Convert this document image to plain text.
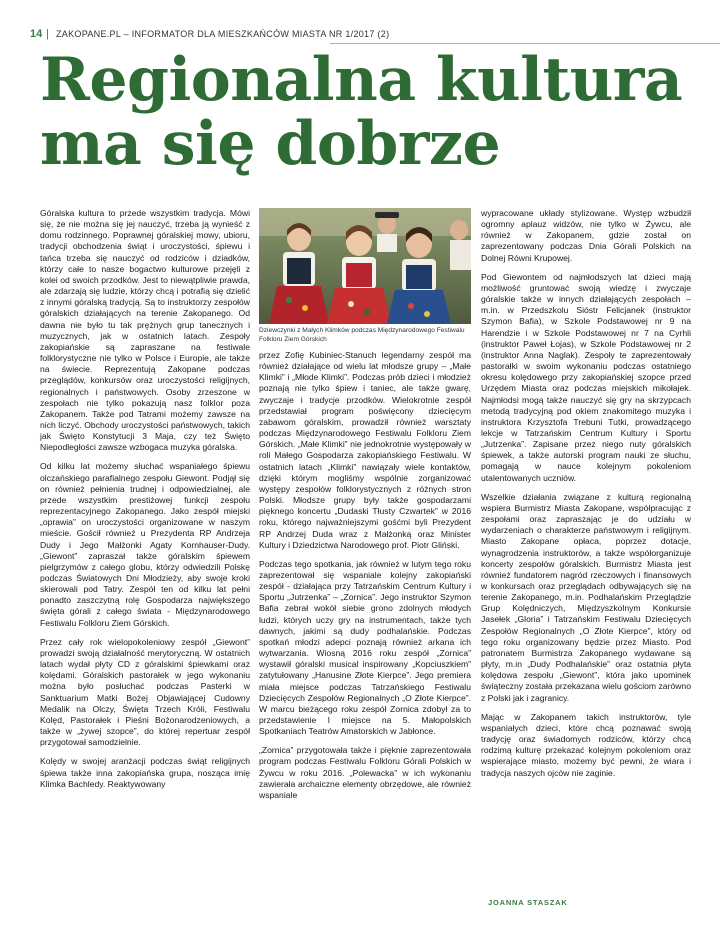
14 | ZAKOPANE.PL – INFORMATOR DLA MIESZKAŃCÓW MIASTA NR 1/2017 (2)
Regionalna kultura
ma się dobrze

Góralska kultura to przede wszystkim tradycja. Mówi się, że nie można się jej nauczyć, trzeba ją wynieść z domu rodzinnego. Poprawnej góralskiej mowy, ubioru, tradycji obchodzenia świąt i uroczystości, śpiewu i tańca trzeba się nauczyć od rodziców i dziadków, którzy całe to nasze bogactwo kulturowe przejęli z kolei od swoich przodków. Jest to niewątpliwie prawda, ale zdarzają się ludzie, którzy chcą i potrafią się dzielić z innymi góralską tradycją. Są to instruktorzy zespołów góralskich działających na terenie Zakopanego. Od dawna nie było tu tak prężnych grup tanecznych i muzycznych, jak w ostatnich latach. Zespoły zakopiańskie są zapraszane na festiwale folklorystyczne nie tylko w Polsce i Europie, ale także na świecie. Reprezentują Zakopane podczas przeglądów, konkursów oraz uroczystości religijnych, regionalnych i państwowych. Osoby zrzeszone w zespołach nie tylko pokazują nasz folklor poza Zakopanem. Także pod Tatrami możemy zawsze na nich liczyć. Obchody uroczystości państwowych, takich jak Święto Konstytucji 3 Maja, czy też Święto Niepodległości zawsze wzbogaca muzyka góralska.

Od kilku lat możemy słuchać wspaniałego śpiewu olczańskiego parafialnego zespołu Giewont. Podjął się on również pełnienia trudnej i odpowiedzialnej, ale przede wszystkim prestiżowej funkcji zespołu reprezentacyjnego Zakopanego. Jako zespół miejski „oprawia” on uroczystości organizowane w naszym mieście. Gościł również u Prezydenta RP Andrzeja Dudy i Jego Małżonki Agaty Kornhauser-Dudy. „Giewont” zapraszał także góralskim śpiewem pielgrzymów z całego globu, którzy odwiedzili Polskę podczas Światowych Dni Młodzieży, aby swoje kroki skierowali pod Tatry. Zespół ten od kilku lat pełni ponadto zaszczytną rolę Gospodarza największego święta górali z całego świata - Międzynarodowego Festiwalu Folkloru Ziem Górskich.

Przez cały rok wielopokoleniowy zespół „Giewont” prowadzi swoją działalność merytoryczną. W ostatnich latach wydał płyty CD z góralskimi śpiewkami oraz kolędami. Góralskich pastorałek w jego wykonaniu można było posłuchać podczas Pasterki w Sanktuarium Matki Bożej Objawiającej Cudowny Medalik na Olczy, Święta Trzech Króli, Festiwalu Kolęd, Pastorałek i Pieśni Bożonarodzeniowych, a także w „żywej szopce”, do której repertuar zespół przygotował samodzielnie.

Kolędy w swojej aranżacji podczas świąt religijnych śpiewa także inna zakopiańska grupa, nosząca imię Klimka Bachledy. Reaktywowany

Dziewczynki z Małych Klimków podczas Międzynarodowego Festiwalu Folkloru Ziem Górskich

przez Zofię Kubiniec-Stanuch legendarny zespół ma również działające od wielu lat młodsze grupy – „Małe Klimki” i „Młode Klimki”. Podczas prób dzieci i młodzież poznają nie tylko śpiew i taniec, ale także gwarę, zwyczaje i tradycje przodków. Wielokrotnie zespół przedstawiał program poświęcony dziecięcym zabawom góralskim, prowadził również warsztaty podczas Międzynarodowego Festiwalu Folkloru Ziem Górskich. „Małe Klimki” nie jednokrotnie występowały w roli Małego Gospodarza zakopiańskiego Festiwalu. W ostatnich latach „Klimki” nawiązały wiele kontaktów, dzięki którym mogliśmy wspólnie zorganizować występy zespołów folklorystycznych z różnych stron Polski. Młodsze grupy były także gospodarzami pięknego koncertu „Dudaski Tłusty Czwartek” w 2016 roku, którego najważniejszymi gośćmi byli Prezydent RP Andrzej Duda wraz z Małżonką oraz Minister Kultury i Dziedzictwa Narodowego prof. Piotr Gliński.

Podczas tego spotkania, jak również w lutym tego roku zaprezentował się wspaniale kolejny zakopiański zespół - działająca przy Tatrzańskim Centrum Kultury i Sportu „Jutrzenka” – „Zornica”. Jego instruktor Szymon Bafia zebrał wokół siebie grono zdolnych młodych ludzi, których uczy gry na instrumentach, także tych dawnych, jakimi są dudy podhalańskie. Podczas spotkań młodzi adepci poznają również arkana ich wytwarzania. Wiosną 2016 roku zespół „Zornica” wystawił góralski musical inspirowany „Kopciuszkiem” zatytułowany „Hanusine Złote Kierpce”. Jego premiera miała miejsce podczas Tatrzańskiego Festiwalu Dziecięcych Zespołów Regionalnych „O Złote Kierpce”. W marcu bieżącego roku zespół Zornica zdobył za to przedstawienie I miejsce na 5. Małopolskich Spotkaniach Teatrów Amatorskich w Jabłonce.

„Zornica” przygotowała także i pięknie zaprezentowała program podczas Festiwalu Folkloru Górali Polskich w Żywcu w roku 2016. „Polewacka” w ich wykonaniu zawierała archaiczne elementy obrzędowe, ale również wspaniale

wypracowane układy stylizowane. Występ wzbudził ogromny aplauz widzów, nie tylko w Żywcu, ale również w Zakopanem, gdzie został on zaprezentowany podczas Dnia Górali Polskich na Dolnej Równi Krupowej.

Pod Giewontem od najmłodszych lat dzieci mają możliwość gruntować swoją wiedzę i zwyczaje góralskie także w innych działających zespołach – m.in. w Przedszkolu Sióstr Felicjanek (instruktor Szymon Bafia), w Szkole Podstawowej nr 9 na Harendzie i w Szkole Podstawowej nr 7 na Cyrhli (instruktor Paweł Łojas), w Szkole Podstawowej nr 2 (instruktor Anna Naglak). Zespoły te zaprezentowały pastorałki w swoim wykonaniu podczas ostatniego okresu kolędowego przy zakopiańskiej szopce przed Urzędem Miasta oraz podczas miejskich mikołajek. Najmłodsi mogą także nauczyć się gry na skrzypcach metodą tradycyjną pod okiem znakomitego muzyka i instruktora Krzysztofa Trebuni Tutki, prowadzącego lekcje w Tatrzańskim Centrum Kultury i Sportu „Jutrzenka”. Zapisane przez niego nuty góralskich śpiewek, a także autorski program nauki ze słuchu, pomagają w nauce kolejnym pokoleniom utalentowanych uczniów.

Wszelkie działania związane z kulturą regionalną wspiera Burmistrz Miasta Zakopane, współpracując z zespołami oraz zapraszając je do udziału w wydarzeniach o charakterze państwowym i religijnym. Miasto Zakopane opłaca, poprzez dotacje, wynagrodzenia instruktorów, a także współorganizuje koncerty zespołów góralskich. Burmistrz Miasta jest również fundatorem nagród rzeczowych i finansowych w konkursach oraz przeglądach odbywających się na terenie Zakopanego, m.in. Podhalańskim Przeglądzie Grup Kolędniczych, Międzyszkolnym Konkursie Jasełek „Gloria” i Tatrzańskim Festiwalu Dziecięcych Zespołów Regionalnych „O Złote Kierpce”, który od tego roku organizowany będzie przez Miasto. Pod patronatem Burmistrza Zakopanego wydawane są płyty, m.in „Dudy Podhalańskie” oraz ostatnia płyta kolędowa zespołu „Giewont”, która jako upominek świąteczny została przekazana wielu gościom zarówno z Polski jak i zagranicy.

Mając w Zakopanem takich instruktorów, tyle wspaniałych dzieci, które chcą poznawać swoją tradycję oraz świadomych rodziców, którzy chcą rodzimą kulturę przekazać kolejnym pokoleniom oraz wspierające miasto, możemy być pewni, że wiara i tradycja naszych ojców nie zaginie.

JOANNA STASZAK
